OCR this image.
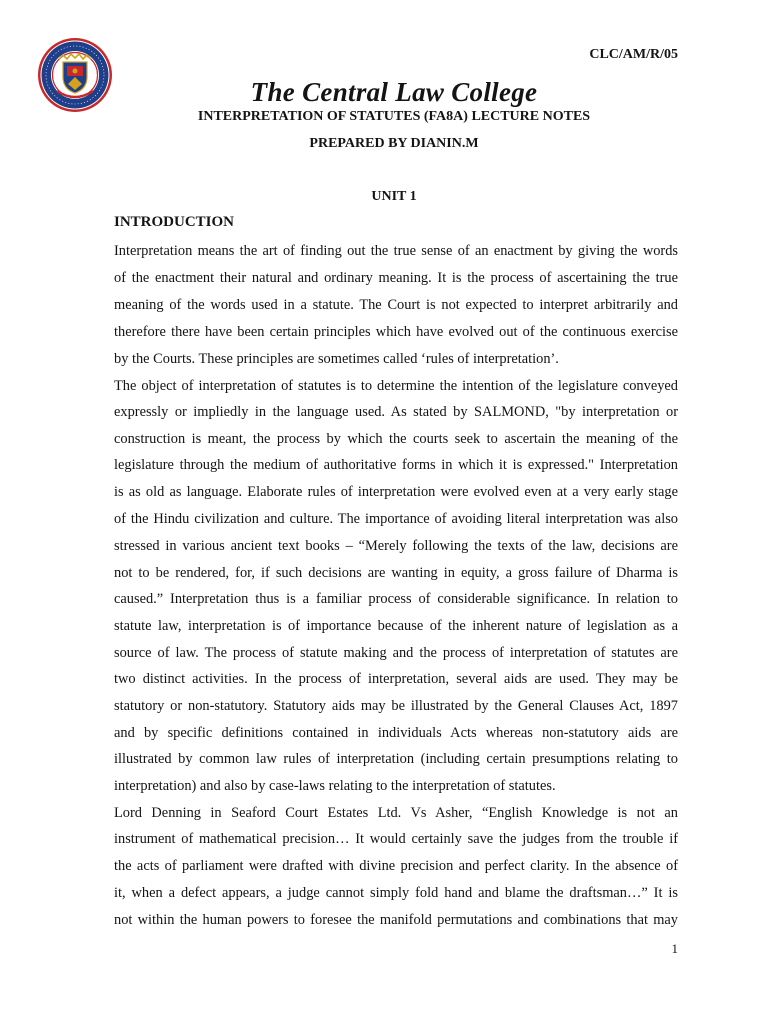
CLC/AM/R/05
The Central Law College
INTERPRETATION OF STATUTES (FA8A) LECTURE NOTES
PREPARED BY DIANIN.M
UNIT 1
INTRODUCTION
Interpretation means the art of finding out the true sense of an enactment by giving the words
of the enactment their natural and ordinary meaning. It is the process of ascertaining the true
meaning of the words used in a statute. The Court is not expected to interpret arbitrarily and
therefore there have been certain principles which have evolved out of the continuous exercise
by the Courts. These principles are sometimes called ‘rules of interpretation’.
The object of interpretation of statutes is to determine the intention of the legislature conveyed
expressly or impliedly in the language used. As stated by SALMOND, "by interpretation or
construction is meant, the process by which the courts seek to ascertain the meaning of the
legislature through the medium of authoritative forms in which it is expressed." Interpretation
is as old as language. Elaborate rules of interpretation were evolved even at a very early stage
of the Hindu civilization and culture. The importance of avoiding literal interpretation was also
stressed in various ancient text books – “Merely following the texts of the law, decisions are
not to be rendered, for, if such decisions are wanting in equity, a gross failure of Dharma is
caused.” Interpretation thus is a familiar process of considerable significance. In relation to
statute law, interpretation is of importance because of the inherent nature of legislation as a
source of law. The process of statute making and the process of interpretation of statutes are
two distinct activities. In the process of interpretation, several aids are used. They may be
statutory or non-statutory. Statutory aids may be illustrated by the General Clauses Act, 1897
and by specific definitions contained in individuals Acts whereas non-statutory aids are
illustrated by common law rules of interpretation (including certain presumptions relating to
interpretation) and also by case-laws relating to the interpretation of statutes.
Lord Denning in Seaford Court Estates Ltd. Vs Asher, “English Knowledge is not an
instrument of mathematical precision… It would certainly save the judges from the trouble if
the acts of parliament were drafted with divine precision and perfect clarity. In the absence of
it, when a defect appears, a judge cannot simply fold hand and blame the draftsman…” It is
not within the human powers to foresee the manifold permutations and combinations that may
1
